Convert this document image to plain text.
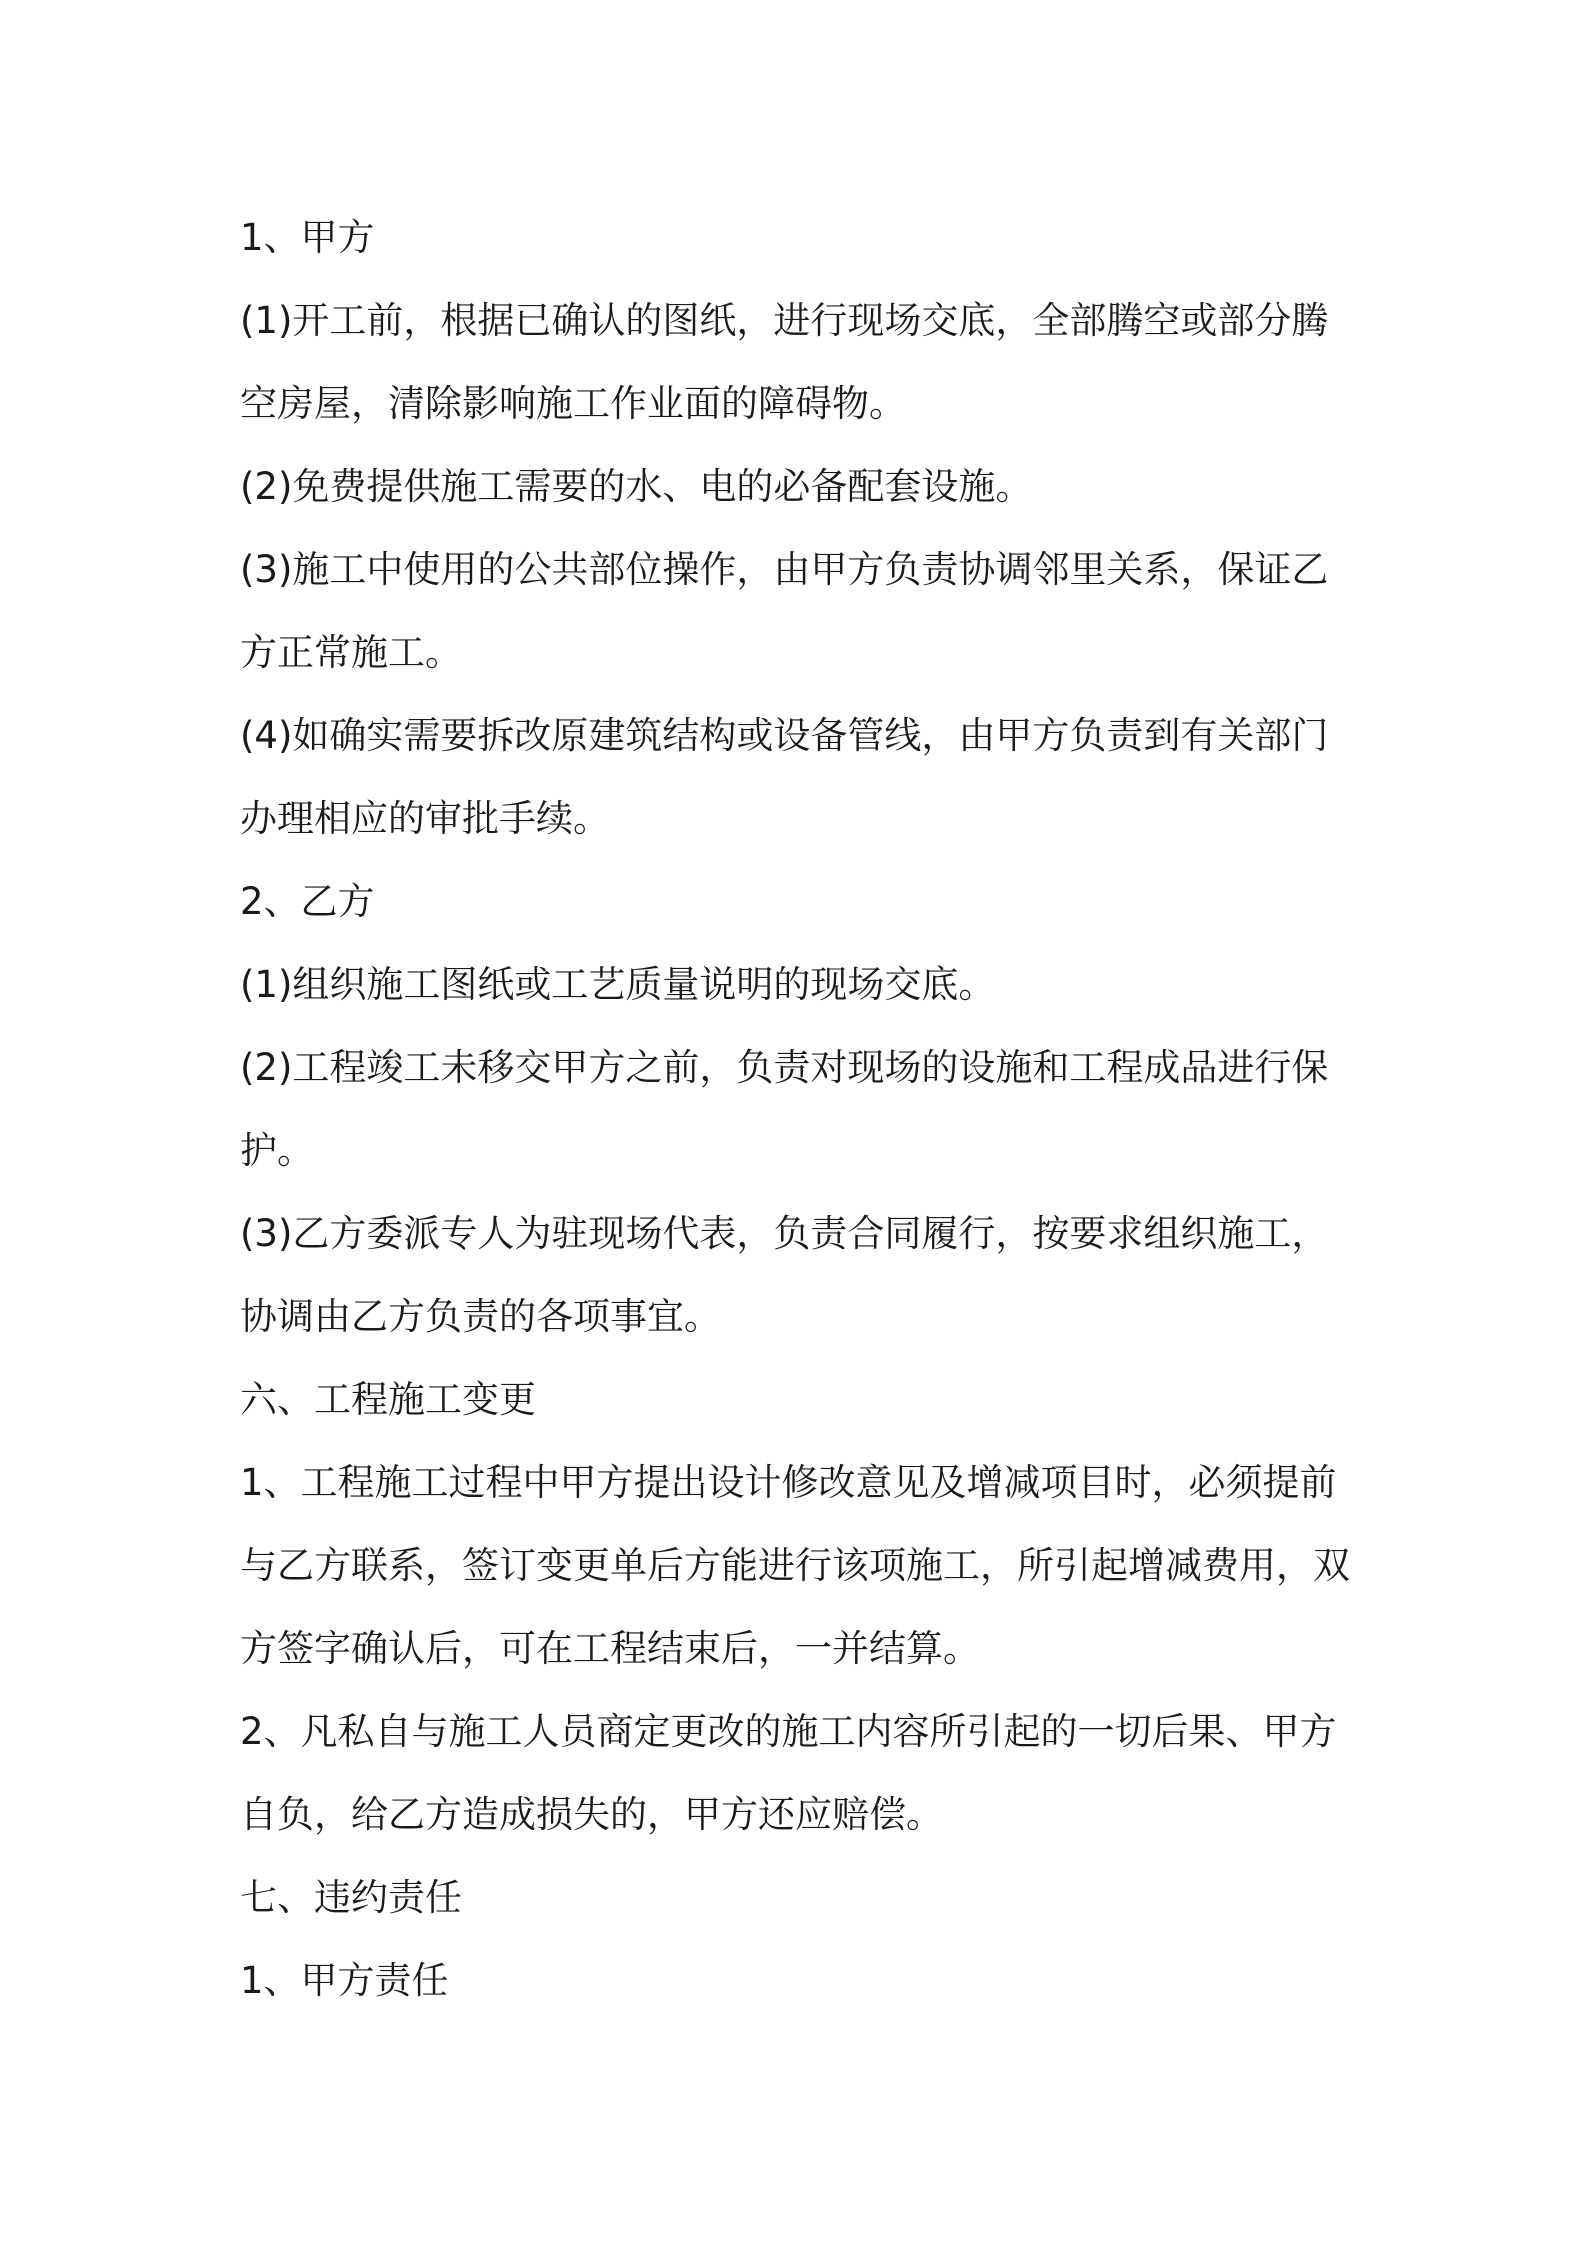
1、甲方
(1)开工前，根据已确认的图纸，进行现场交底，全部腾空或部分腾
空房屋，清除影响施工作业面的障碍物。
(2)免费提供施工需要的水、电的必备配套设施。
(3)施工中使用的公共部位操作，由甲方负责协调邻里关系，保证乙
方正常施工。
(4)如确实需要拆改原建筑结构或设备管线，由甲方负责到有关部门
办理相应的审批手续。
2、乙方
(1)组织施工图纸或工艺质量说明的现场交底。
(2)工程竣工未移交甲方之前，负责对现场的设施和工程成品进行保
护。
(3)乙方委派专人为驻现场代表，负责合同履行，按要求组织施工，
协调由乙方负责的各项事宜。
六、工程施工变更
1、工程施工过程中甲方提出设计修改意见及增减项目时，必须提前
与乙方联系，签订变更单后方能进行该项施工，所引起增减费用，双
方签字确认后，可在工程结束后，一并结算。
2、凡私自与施工人员商定更改的施工内容所引起的一切后果、甲方
自负，给乙方造成损失的，甲方还应赔偿。
七、违约责任
1、甲方责任
